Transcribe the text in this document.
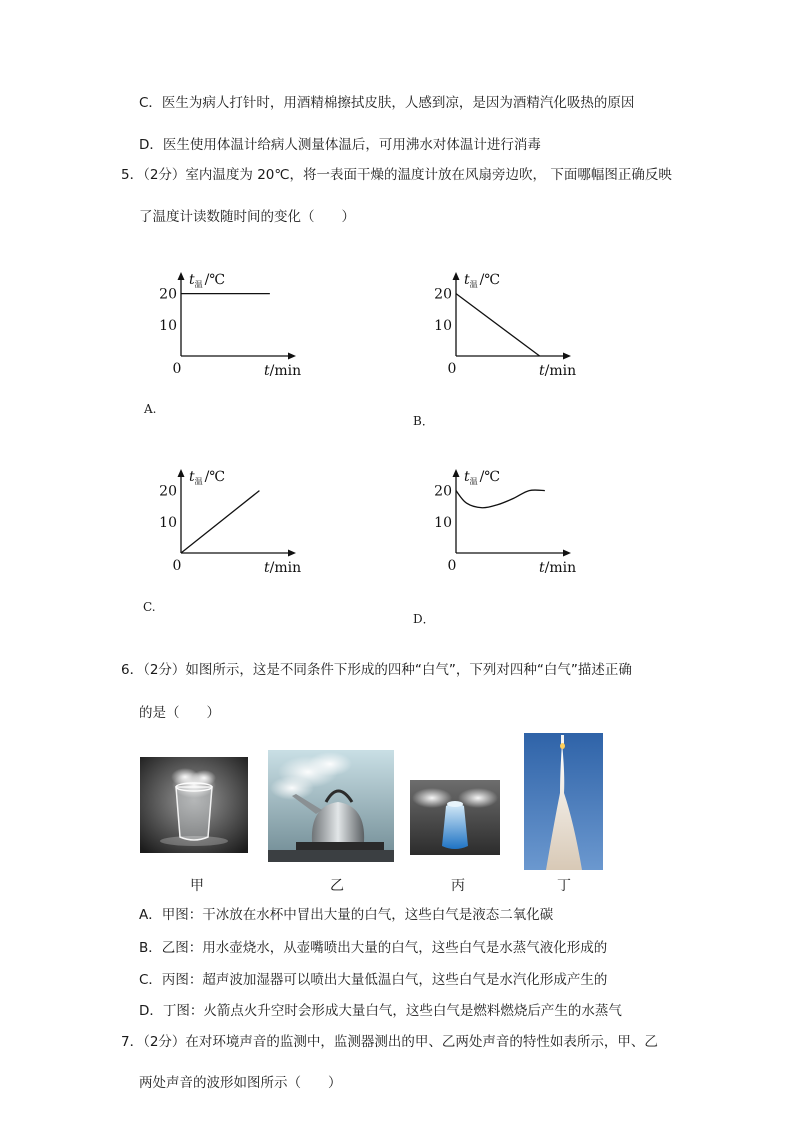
C．医生为病人打针时，用酒精棉擦拭皮肤，人感到凉，是因为酒精汽化吸热的原因
D．医生使用体温计给病人测量体温后，可用沸水对体温计进行消毒
5．（2分）室内温度为 20℃，将一表面干燥的温度计放在风扇旁边吹， 下面哪幅图正确反映
了温度计读数随时间的变化（　　）
20
10
0
$t_温$ /℃
t/min
20
10
0
$t_温$ /℃
t/min
20
10
0
$t_温$ /℃
t/min
20
10
0
$t_温$ /℃
t/min
A.
B．
C.
D．
6．（2分）如图所示，这是不同条件下形成的四种“白气”，下列对四种“白气”描述正确
的是（　　）
甲	乙	丙	丁
A．甲图：干冰放在水杯中冒出大量的白气，这些白气是液态二氧化碳
B．乙图：用水壶烧水，从壶嘴喷出大量的白气，这些白气是水蒸气液化形成的
C．丙图：超声波加湿器可以喷出大量低温白气，这些白气是水汽化形成产生的
D．丁图：火箭点火升空时会形成大量白气，这些白气是燃料燃烧后产生的水蒸气
7．（2分）在对环境声音的监测中，监测器测出的甲、乙两处声音的特性如表所示，甲、乙
两处声音的波形如图所示（　　）
